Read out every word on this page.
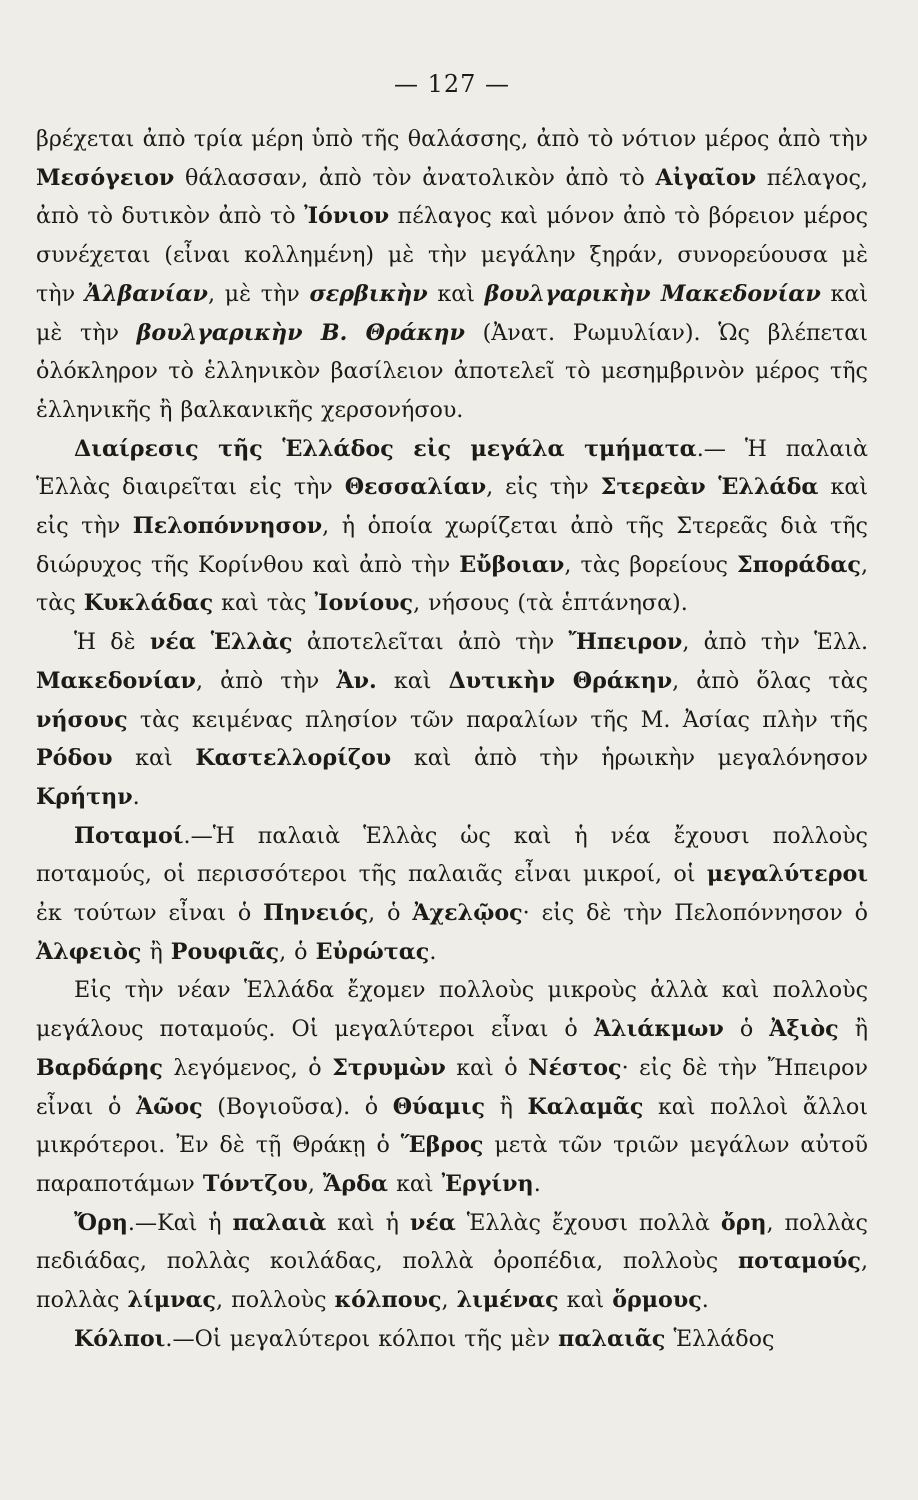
— 127 —

βρέχεται ἀπὸ τρία μέρη ὑπὸ τῆς θαλάσσης, ἀπὸ τὸ νότιον μέρος ἀπὸ τὴν Μεσόγειον θάλασσαν, ἀπὸ τὸν ἀνατολικὸν ἀπὸ τὸ Αἰγαῖον πέλαγος, ἀπὸ τὸ δυτικὸν ἀπὸ τὸ Ἰόνιον πέλαγος καὶ μόνον ἀπὸ τὸ βόρειον μέρος συνέχεται (εἶναι κολλημένη) μὲ τὴν μεγάλην ξηράν, συνορεύουσα μὲ τὴν Ἀλβανίαν, μὲ τὴν σερβικὴν καὶ βουλγαρικὴν Μακεδονίαν καὶ μὲ τὴν βουλγαρικὴν Β. Θράκην (Ἀνατ. Ρωμυλίαν). Ὡς βλέπεται ὁλόκληρον τὸ ἑλληνικὸν βασίλειον ἀποτελεῖ τὸ μεσημβρινὸν μέρος τῆς ἑλληνικῆς ἢ βαλκανικῆς χερσονήσου.

Διαίρεσις τῆς Ἑλλάδος εἰς μεγάλα τμήματα.— Ἡ παλαιὰ Ἑλλὰς διαιρεῖται εἰς τὴν Θεσσαλίαν, εἰς τὴν Στερεὰν Ἑλλάδα καὶ εἰς τὴν Πελοπόννησον, ἡ ὁποία χωρίζεται ἀπὸ τῆς Στερεᾶς διὰ τῆς διώρυχος τῆς Κορίνθου καὶ ἀπὸ τὴν Εὔβοιαν, τὰς βορείους Σποράδας, τὰς Κυκλάδας καὶ τὰς Ἰονίους, νήσους (τὰ ἑπτάνησα).

Ἡ δὲ νέα Ἑλλὰς ἀποτελεῖται ἀπὸ τὴν Ἤπειρον, ἀπὸ τὴν Ἑλλ. Μακεδονίαν, ἀπὸ τὴν Ἀν. καὶ Δυτικὴν Θράκην, ἀπὸ ὅλας τὰς νήσους τὰς κειμένας πλησίον τῶν παραλίων τῆς Μ. Ἀσίας πλὴν τῆς Ρόδου καὶ Καστελλορίζου καὶ ἀπὸ τὴν ἡρωικὴν μεγαλόνησον Κρήτην.

Ποταμοί.—Ἡ παλαιὰ Ἑλλὰς ὡς καὶ ἡ νέα ἔχουσι πολλοὺς ποταμούς, οἱ περισσότεροι τῆς παλαιᾶς εἶναι μικροί, οἱ μεγαλύτεροι ἐκ τούτων εἶναι ὁ Πηνειός, ὁ Ἀχελῷος· εἰς δὲ τὴν Πελοπόννησον ὁ Ἀλφειὸς ἢ Ρουφιᾶς, ὁ Εὐρώτας.

Εἰς τὴν νέαν Ἑλλάδα ἔχομεν πολλοὺς μικροὺς ἀλλὰ καὶ πολλοὺς μεγάλους ποταμούς. Οἱ μεγαλύτεροι εἶναι ὁ Ἀλιάκμων ὁ Ἀξιὸς ἢ Βαρδάρης λεγόμενος, ὁ Στρυμὼν καὶ ὁ Νέστος· εἰς δὲ τὴν Ἤπειρον εἶναι ὁ Ἀῶος (Βογιοῦσα). ὁ Θύαμις ἢ Καλαμᾶς καὶ πολλοὶ ἄλλοι μικρότεροι. Ἐν δὲ τῇ Θράκῃ ὁ Ἕβρος μετὰ τῶν τριῶν μεγάλων αὐτοῦ παραποτάμων Τόντζου, Ἄρδα καὶ Ἐργίνη.

Ὄρη.—Καὶ ἡ παλαιὰ καὶ ἡ νέα Ἑλλὰς ἔχουσι πολλὰ ὄρη, πολλὰς πεδιάδας, πολλὰς κοιλάδας, πολλὰ ὀροπέδια, πολλοὺς ποταμούς, πολλὰς λίμνας, πολλοὺς κόλπους, λιμένας καὶ ὅρμους.

Κόλποι.—Οἱ μεγαλύτεροι κόλποι τῆς μὲν παλαιᾶς Ἑλλάδος
